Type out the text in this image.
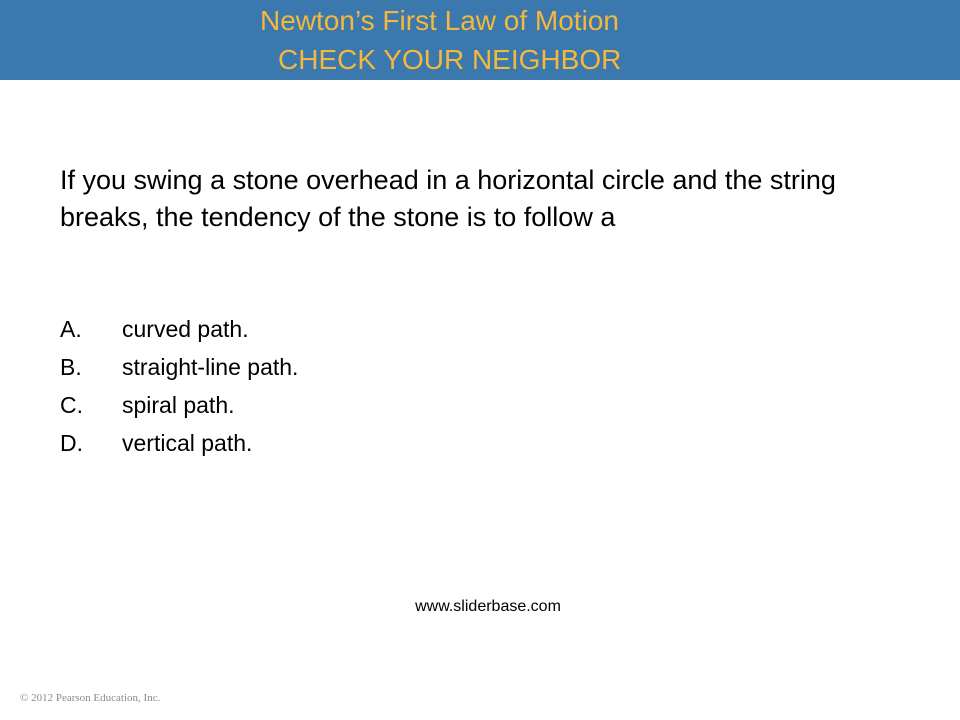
Newton’s First Law of Motion
CHECK YOUR NEIGHBOR
If you swing a stone overhead in a horizontal circle and the string breaks, the tendency of the stone is to follow a
A.	curved path.
B.	straight-line path.
C.	spiral path.
D.	vertical path.
www.sliderbase.com
© 2012 Pearson Education, Inc.
